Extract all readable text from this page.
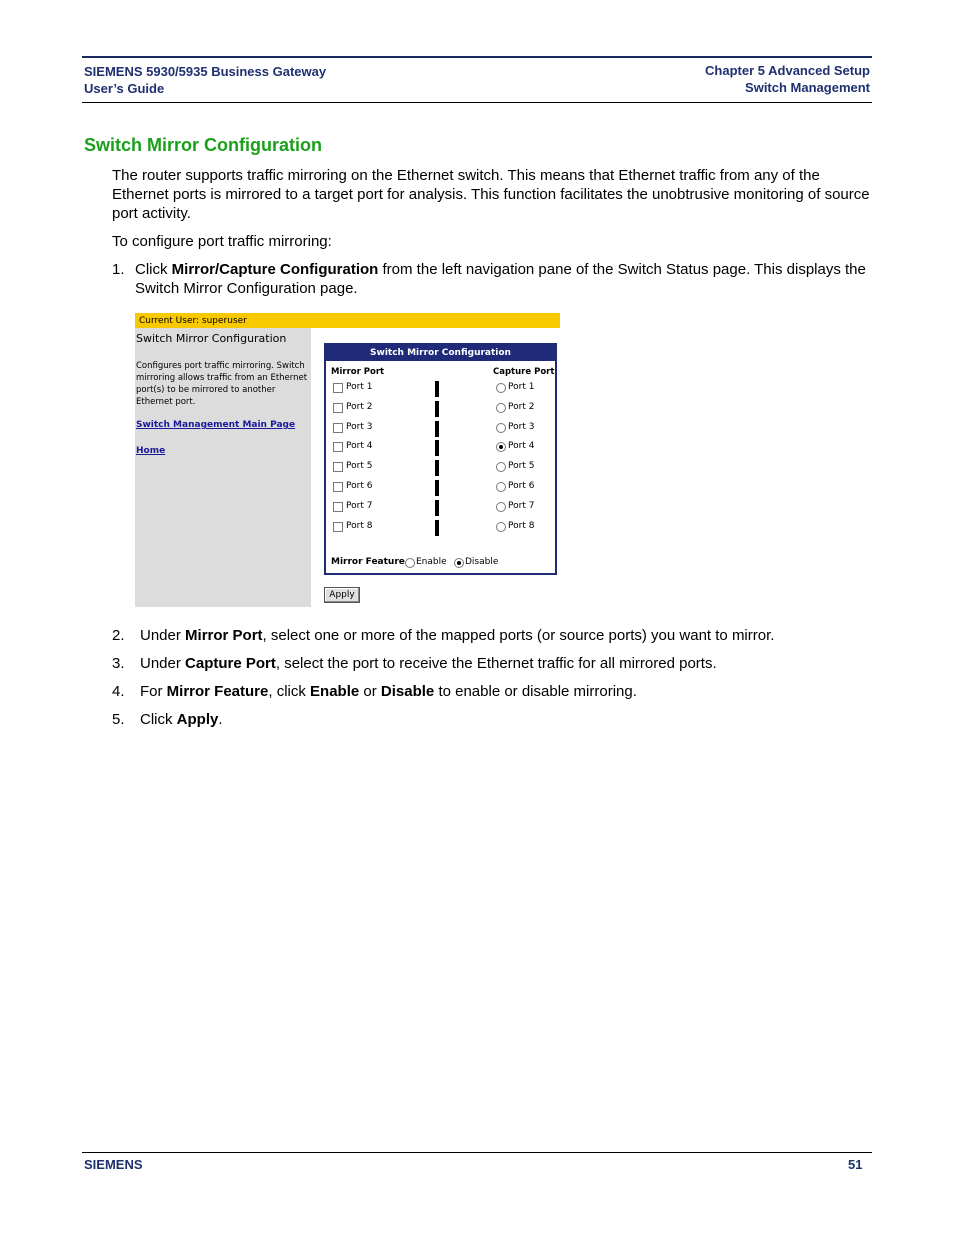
SIEMENS 5930/5935 Business Gateway
User’s Guide
Chapter 5 Advanced Setup
Switch Management
Switch Mirror Configuration
The router supports traffic mirroring on the Ethernet switch. This means that Ethernet traffic from any of the Ethernet ports is mirrored to a target port for analysis. This function facilitates the unobtrusive monitoring of source port activity.
To configure port traffic mirroring:
1. Click Mirror/Capture Configuration from the left navigation pane of the Switch Status page. This displays the Switch Mirror Configuration page.
Current User: superuser
Switch Mirror Configuration
Configures port traffic mirroring. Switch mirroring allows traffic from an Ethernet port(s) to be mirrored to another Ethernet port.
Switch Management Main Page
Home
Switch Mirror Configuration
Mirror Port	Capture Port
Port 1	Port 1
Port 2	Port 2
Port 3	Port 3
Port 4	Port 4
Port 5	Port 5
Port 6	Port 6
Port 7	Port 7
Port 8	Port 8
Mirror Feature Enable Disable
Apply
2. Under Mirror Port, select one or more of the mapped ports (or source ports) you want to mirror.
3. Under Capture Port, select the port to receive the Ethernet traffic for all mirrored ports.
4. For Mirror Feature, click Enable or Disable to enable or disable mirroring.
5. Click Apply.
SIEMENS	51
